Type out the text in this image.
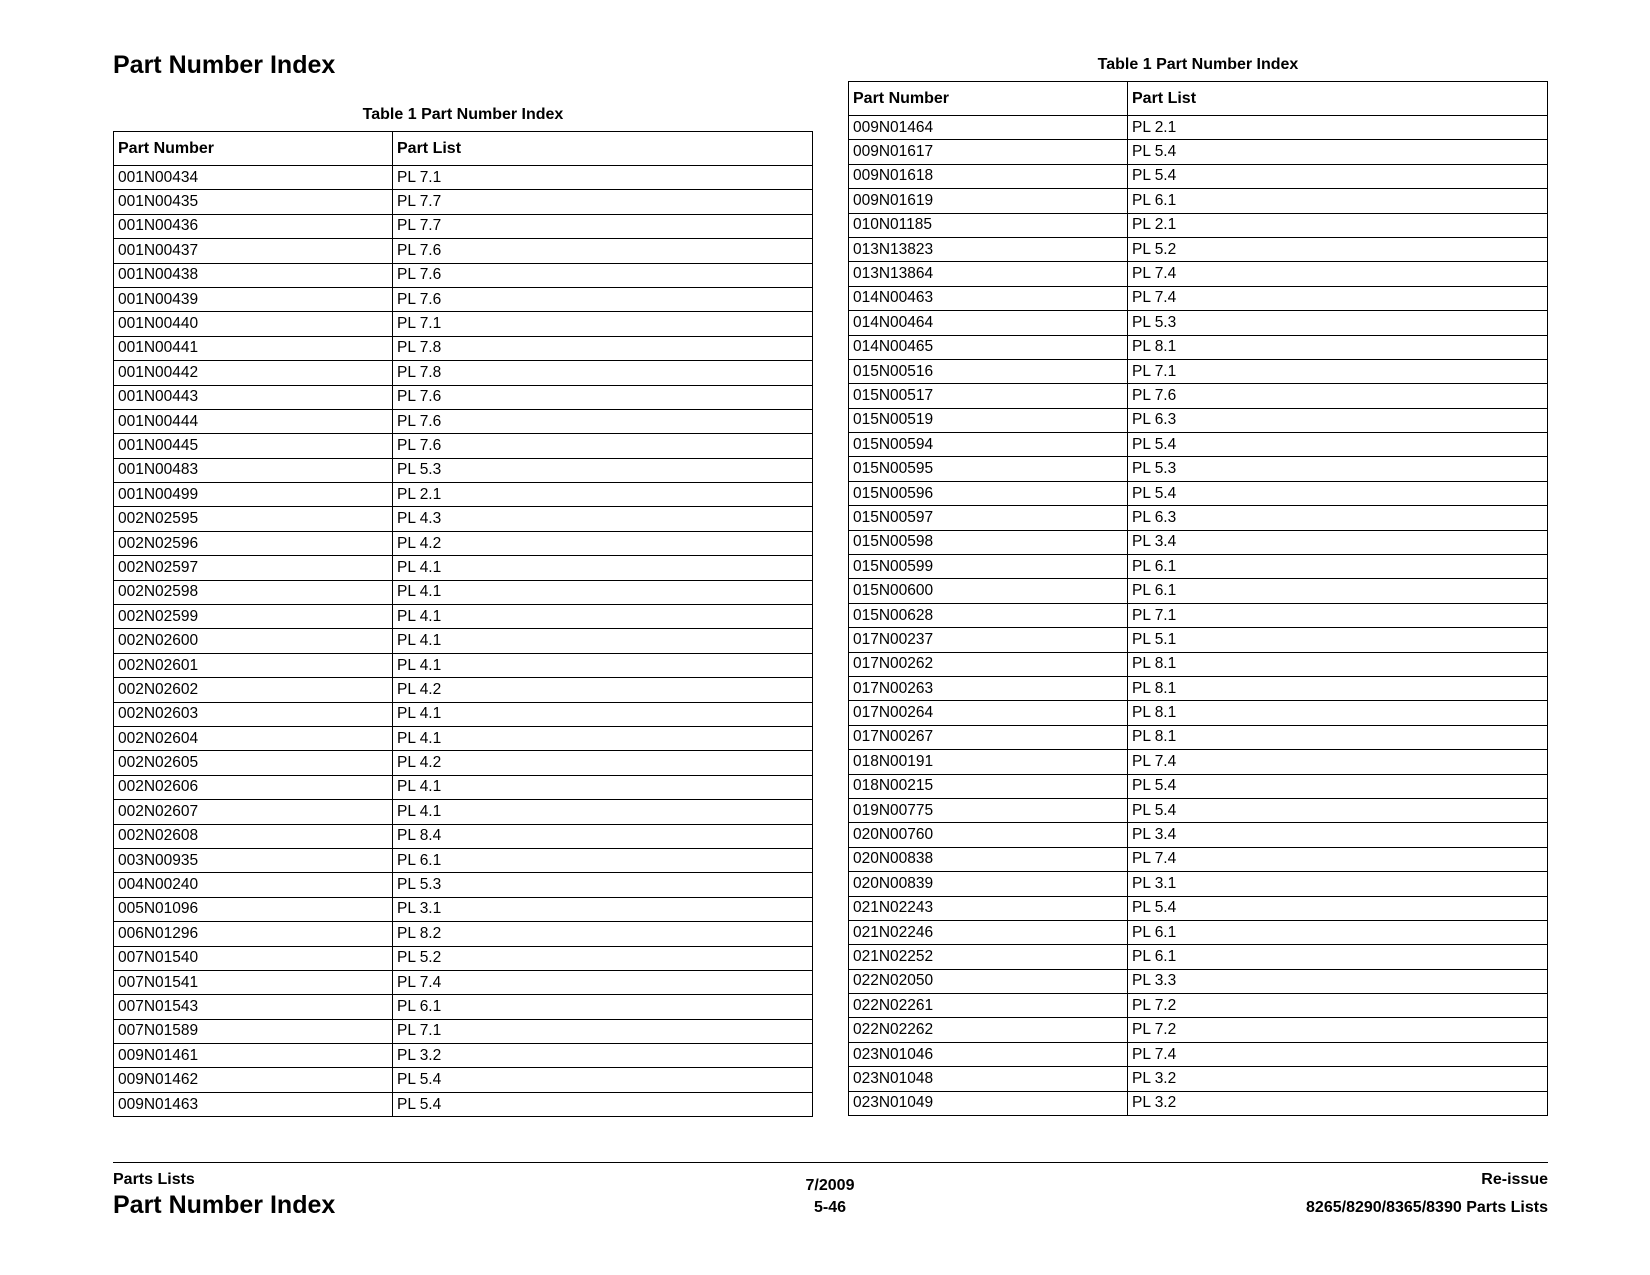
Part Number Index
Table 1 Part Number Index
Part Number	Part List
001N00434	PL 7.1
001N00435	PL 7.7
001N00436	PL 7.7
001N00437	PL 7.6
001N00438	PL 7.6
001N00439	PL 7.6
001N00440	PL 7.1
001N00441	PL 7.8
001N00442	PL 7.8
001N00443	PL 7.6
001N00444	PL 7.6
001N00445	PL 7.6
001N00483	PL 5.3
001N00499	PL 2.1
002N02595	PL 4.3
002N02596	PL 4.2
002N02597	PL 4.1
002N02598	PL 4.1
002N02599	PL 4.1
002N02600	PL 4.1
002N02601	PL 4.1
002N02602	PL 4.2
002N02603	PL 4.1
002N02604	PL 4.1
002N02605	PL 4.2
002N02606	PL 4.1
002N02607	PL 4.1
002N02608	PL 8.4
003N00935	PL 6.1
004N00240	PL 5.3
005N01096	PL 3.1
006N01296	PL 8.2
007N01540	PL 5.2
007N01541	PL 7.4
007N01543	PL 6.1
007N01589	PL 7.1
009N01461	PL 3.2
009N01462	PL 5.4
009N01463	PL 5.4
Table 1 Part Number Index
Part Number	Part List
009N01464	PL 2.1
009N01617	PL 5.4
009N01618	PL 5.4
009N01619	PL 6.1
010N01185	PL 2.1
013N13823	PL 5.2
013N13864	PL 7.4
014N00463	PL 7.4
014N00464	PL 5.3
014N00465	PL 8.1
015N00516	PL 7.1
015N00517	PL 7.6
015N00519	PL 6.3
015N00594	PL 5.4
015N00595	PL 5.3
015N00596	PL 5.4
015N00597	PL 6.3
015N00598	PL 3.4
015N00599	PL 6.1
015N00600	PL 6.1
015N00628	PL 7.1
017N00237	PL 5.1
017N00262	PL 8.1
017N00263	PL 8.1
017N00264	PL 8.1
017N00267	PL 8.1
018N00191	PL 7.4
018N00215	PL 5.4
019N00775	PL 5.4
020N00760	PL 3.4
020N00838	PL 7.4
020N00839	PL 3.1
021N02243	PL 5.4
021N02246	PL 6.1
021N02252	PL 6.1
022N02050	PL 3.3
022N02261	PL 7.2
022N02262	PL 7.2
023N01046	PL 7.4
023N01048	PL 3.2
023N01049	PL 3.2
Parts Lists
Part Number Index
7/2009
5-46
Re-issue
8265/8290/8365/8390 Parts Lists
